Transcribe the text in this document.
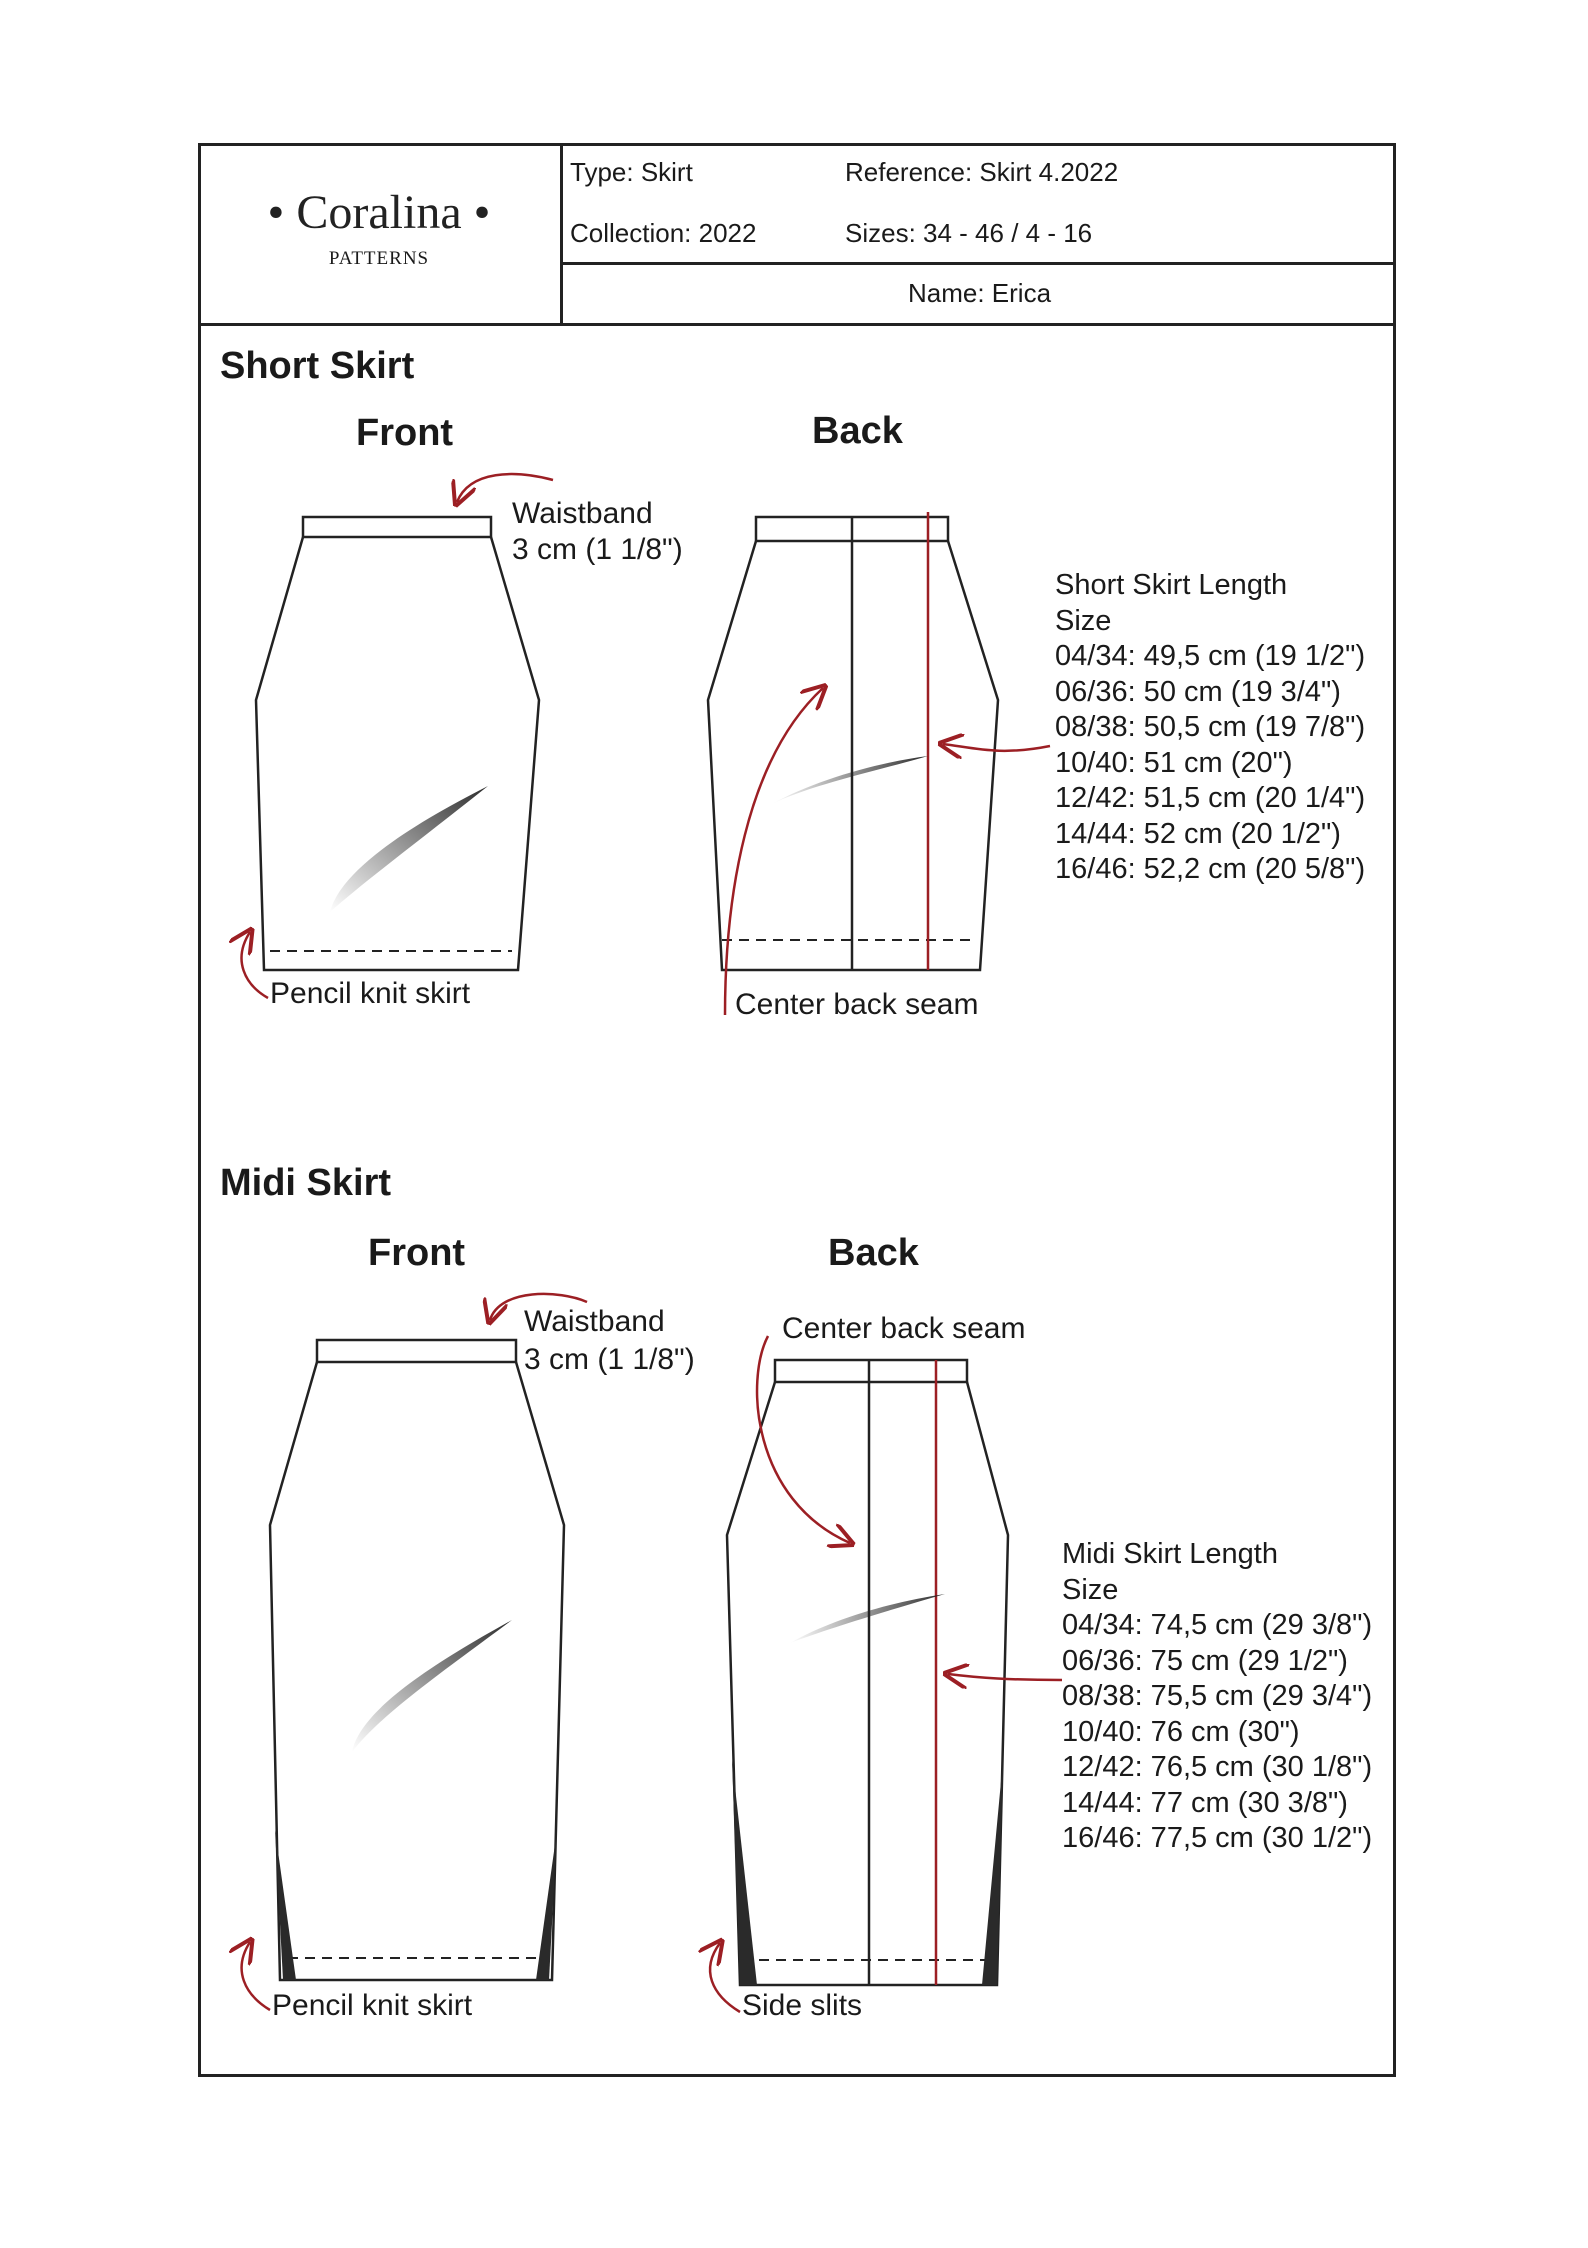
• Coralina •
PATTERNS
Type: Skirt	Reference: Skirt 4.2022
Collection: 2022	Sizes: 34 - 46 / 4 - 16
Name: Erica
Short Skirt
Front	Back
Waistband
3 cm (1 1/8")
Pencil knit skirt	Center back seam
Short Skirt Length
Size
04/34: 49,5 cm (19 1/2")
06/36: 50 cm (19 3/4")
08/38: 50,5 cm (19 7/8")
10/40: 51 cm (20")
12/42: 51,5 cm (20 1/4")
14/44: 52 cm (20 1/2")
16/46: 52,2 cm (20 5/8")
Midi Skirt
Front	Back
Waistband
3 cm (1 1/8")
Center back seam
Pencil knit skirt	Side slits
Midi Skirt Length
Size
04/34: 74,5 cm (29 3/8")
06/36: 75 cm (29 1/2")
08/38: 75,5 cm (29 3/4")
10/40: 76 cm (30")
12/42: 76,5 cm (30 1/8")
14/44: 77 cm (30 3/8")
16/46: 77,5 cm (30 1/2")
